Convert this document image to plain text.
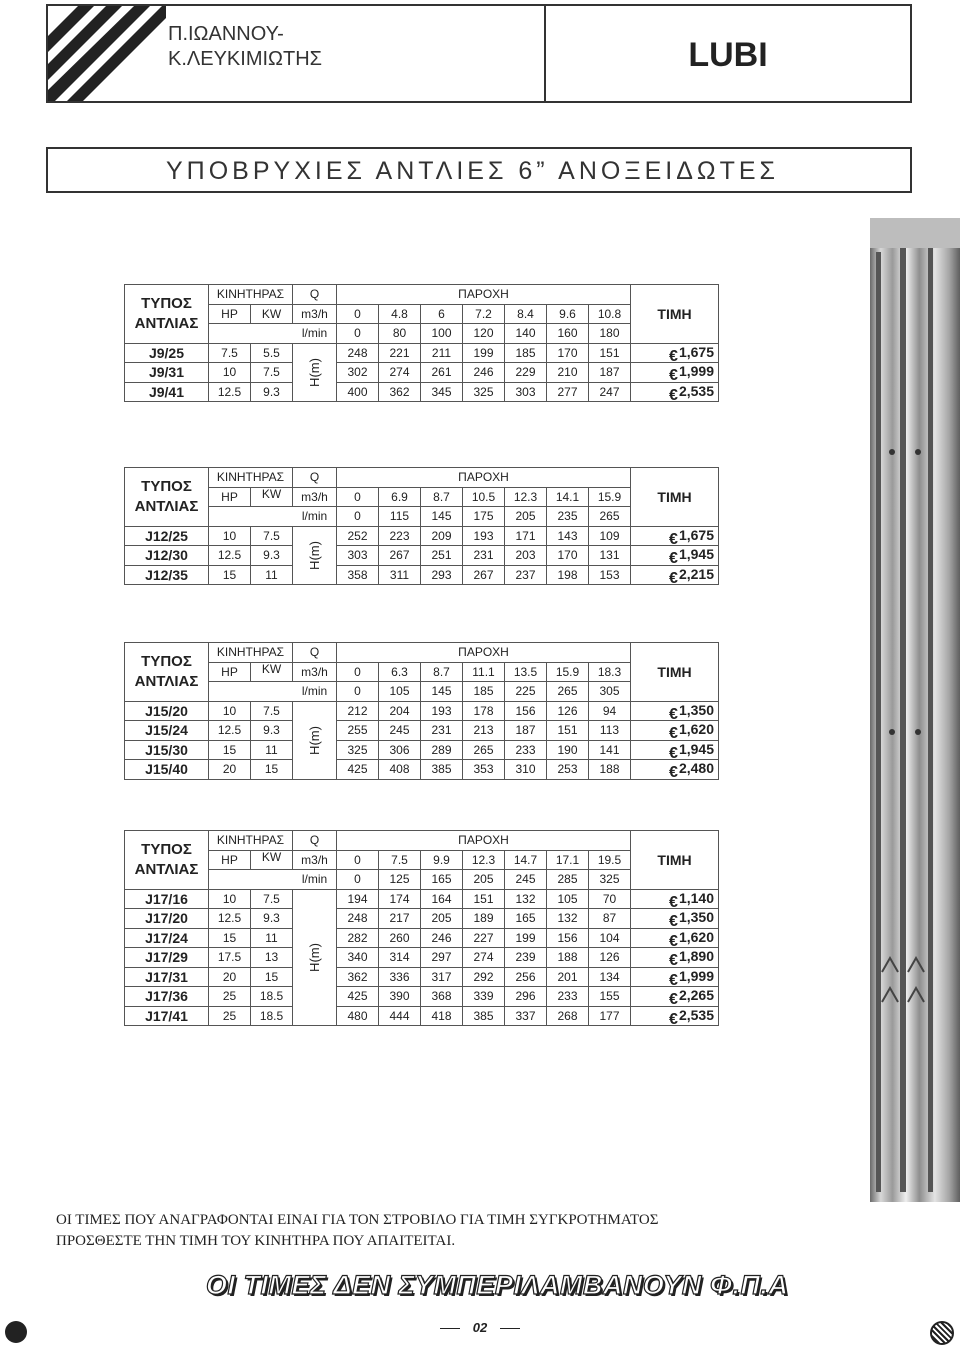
Π.ΙΩΑΝΝΟΥ-
Κ.ΛΕΥΚΙΜΙΩΤΗΣ	LUBI
ΥΠΟΒΡΥΧΙΕΣ ΑΝΤΛΙΕΣ 6” ΑΝΟΞΕΙΔΩΤΕΣ
ΤΥΠΟΣ
ΑΝΤΛΙΑΣ	ΚΙΝΗΤΗΡΑΣ		Q	ΠΑΡΟΧΗ							ΤΙΜΗ
	HP	KW	m3/h	0	4.8	6	7.2	8.4	9.6	10.8	
			l/min	0	80	100	120	140	160	180	
J9/25	7.5	5.5	H(m)	248	221	211	199	185	170	151	€1,675
J9/31	10	7.5		302	274	261	246	229	210	187	€1,999
J9/41	12.5	9.3		400	362	345	325	303	277	247	€2,535
ΤΥΠΟΣ
ΑΝΤΛΙΑΣ	ΚΙΝΗΤΗΡΑΣ		Q	ΠΑΡΟΧΗ							ΤΙΜΗ
	HP	KW	m3/h	0	6.9	8.7	10.5	12.3	14.1	15.9	
			l/min	0	115	145	175	205	235	265	
J12/25	10	7.5	H(m)	252	223	209	193	171	143	109	€1,675
J12/30	12.5	9.3		303	267	251	231	203	170	131	€1,945
J12/35	15	11		358	311	293	267	237	198	153	€2,215
ΤΥΠΟΣ
ΑΝΤΛΙΑΣ	ΚΙΝΗΤΗΡΑΣ		Q	ΠΑΡΟΧΗ							ΤΙΜΗ
	HP	KW	m3/h	0	6.3	8.7	11.1	13.5	15.9	18.3	
			l/min	0	105	145	185	225	265	305	
J15/20	10	7.5	H(m)	212	204	193	178	156	126	94	€1,350
J15/24	12.5	9.3		255	245	231	213	187	151	113	€1,620
J15/30	15	11		325	306	289	265	233	190	141	€1,945
J15/40	20	15		425	408	385	353	310	253	188	€2,480
ΤΥΠΟΣ
ΑΝΤΛΙΑΣ	ΚΙΝΗΤΗΡΑΣ		Q	ΠΑΡΟΧΗ							ΤΙΜΗ
	HP	KW	m3/h	0	7.5	9.9	12.3	14.7	17.1	19.5	
			l/min	0	125	165	205	245	285	325	
J17/16	10	7.5	H(m)	194	174	164	151	132	105	70	€1,140
J17/20	12.5	9.3		248	217	205	189	165	132	87	€1,350
J17/24	15	11		282	260	246	227	199	156	104	€1,620
J17/29	17.5	13		340	314	297	274	239	188	126	€1,890
J17/31	20	15		362	336	317	292	256	201	134	€1,999
J17/36	25	18.5		425	390	368	339	296	233	155	€2,265
J17/41	25	18.5		480	444	418	385	337	268	177	€2,535
ΟΙ ΤΙΜΕΣ ΠΟΥ ΑΝΑΓΡΑΦΟΝΤΑΙ ΕΙΝΑΙ ΓΙΑ ΤΟΝ ΣΤΡΟΒΙΛΟ ΓΙΑ ΤΙΜΗ ΣΥΓΚΡΟΤΗΜΑΤΟΣ
ΠΡΟΣΘΕΣΤΕ ΤΗΝ ΤΙΜΗ ΤΟΥ ΚΙΝΗΤΗΡΑ ΠΟΥ ΑΠΑΙΤΕΙΤΑΙ.
ΟΙ ΤΙΜΕΣ ΔΕΝ ΣΥΜΠΕΡΙΛΑΜΒΑΝΟΥΝ Φ.Π.Α
02
